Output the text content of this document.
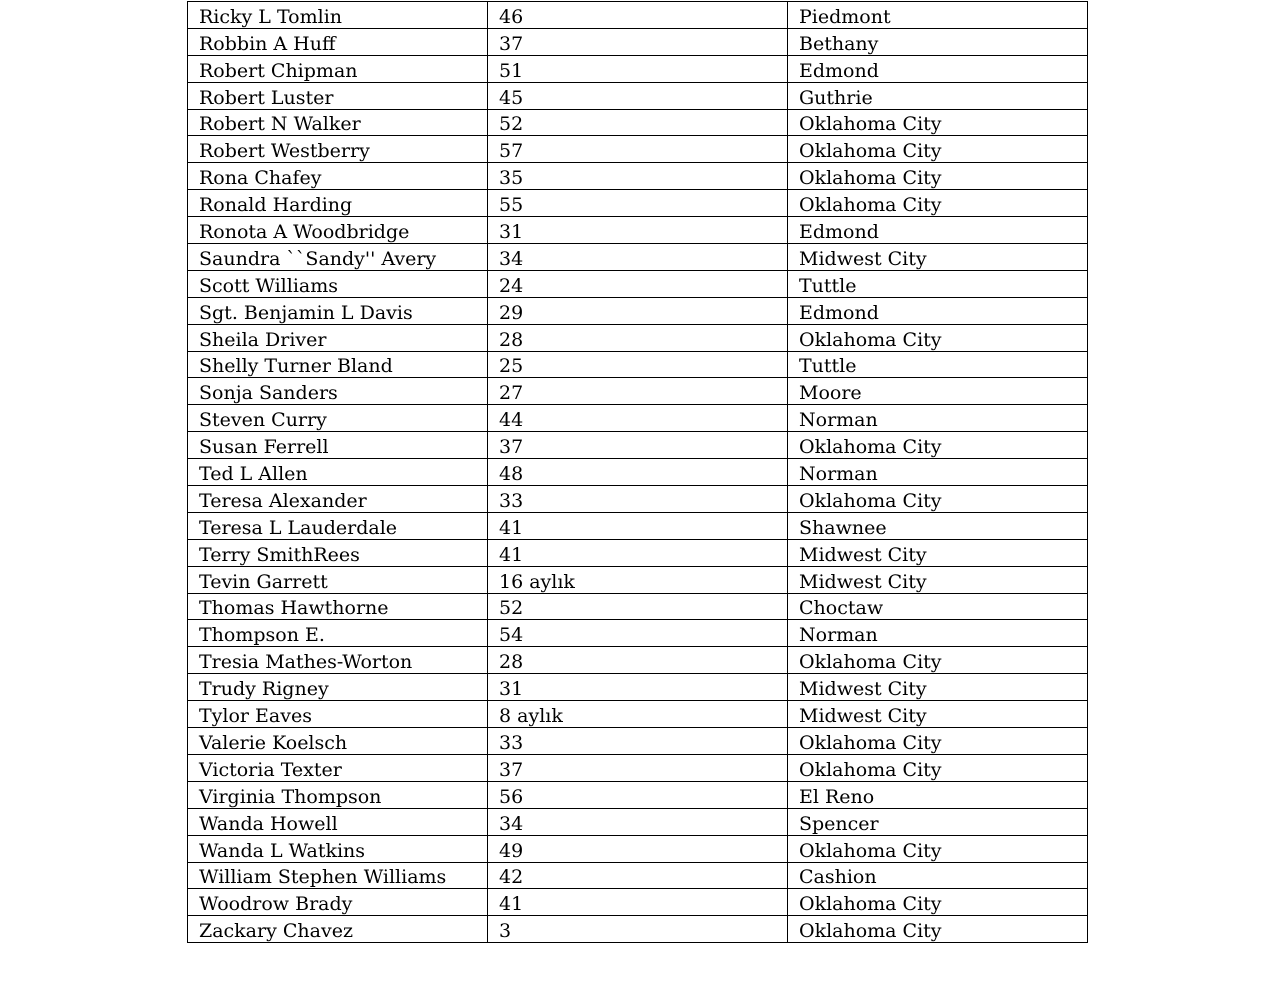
Ricky L Tomlin	46	Piedmont

Robbin A Huff	37	Bethany

Robert Chipman	51	Edmond

Robert Luster	45	Guthrie

Robert N Walker	52	Oklahoma City

Robert Westberry	57	Oklahoma City

Rona Chafey	35	Oklahoma City

Ronald Harding	55	Oklahoma City

Ronota A Woodbridge	31	Edmond

Saundra ``Sandy'' Avery	34	Midwest City

Scott Williams	24	Tuttle

Sgt. Benjamin L Davis	29	Edmond

Sheila Driver	28	Oklahoma City

Shelly Turner Bland	25	Tuttle

Sonja Sanders	27	Moore

Steven Curry	44	Norman

Susan Ferrell	37	Oklahoma City

Ted L Allen	48	Norman

Teresa Alexander	33	Oklahoma City

Teresa L Lauderdale	41	Shawnee

Terry SmithRees	41	Midwest City

Tevin Garrett	16 aylık	Midwest City

Thomas Hawthorne	52	Choctaw

Thompson E.	54	Norman

Tresia Mathes-Worton	28	Oklahoma City

Trudy Rigney	31	Midwest City

Tylor Eaves	8 aylık	Midwest City

Valerie Koelsch	33	Oklahoma City

Victoria Texter	37	Oklahoma City

Virginia Thompson	56	El Reno

Wanda Howell	34	Spencer

Wanda L Watkins	49	Oklahoma City

William Stephen Williams	42	Cashion

Woodrow Brady	41	Oklahoma City

Zackary Chavez	3	Oklahoma City
